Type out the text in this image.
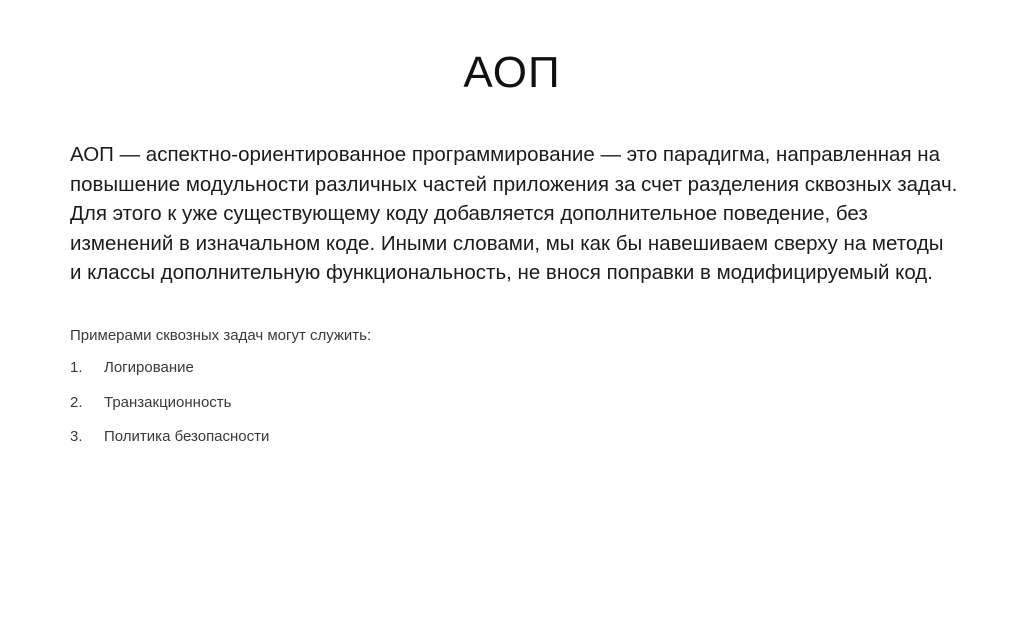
АОП

АОП — аспектно-ориентированное программирование — это парадигма, направленная на повышение модульности различных частей приложения за счет разделения сквозных задач. Для этого к уже существующему коду добавляется дополнительное поведение, без изменений в изначальном коде. Иными словами, мы как бы навешиваем сверху на методы и классы дополнительную функциональность, не внося поправки в модифицируемый код.

Примерами сквозных задач могут служить:

1.	Логирование
2.	Транзакционность
3.	Политика безопасности
